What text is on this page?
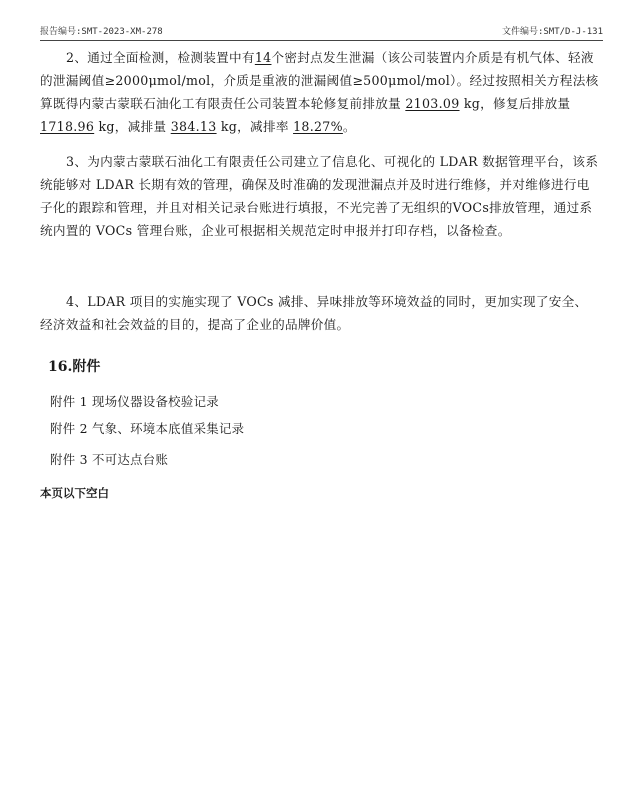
报告编号:SMT-2023-XM-278	文件编号:SMT/D-J-131
2、通过全面检测，检测装置中有14个密封点发生泄漏（该公司装置内介质是有机气体、轻液的泄漏阈值≥2000μmol/mol，介质是重液的泄漏阈值≥500μmol/mol）。经过按照相关方程法核算既得内蒙古蒙联石油化工有限责任公司装置本轮修复前排放量 2103.09 kg，修复后排放量 1718.96 kg，减排量 384.13 kg，减排率 18.27%。
3、为内蒙古蒙联石油化工有限责任公司建立了信息化、可视化的 LDAR 数据管理平台，该系统能够对 LDAR 长期有效的管理，确保及时准确的发现泄漏点并及时进行维修，并对维修进行电子化的跟踪和管理，并且对相关记录台账进行填报，不光完善了无组织的VOCs排放管理，通过系统内置的 VOCs 管理台账，企业可根据相关规范定时申报并打印存档，以备检查。
4、LDAR 项目的实施实现了 VOCs 减排、异味排放等环境效益的同时，更加实现了安全、经济效益和社会效益的目的，提高了企业的品牌价值。
16.附件
附件 1 现场仪器设备校验记录
附件 2 气象、环境本底值采集记录
附件 3 不可达点台账
本页以下空白
